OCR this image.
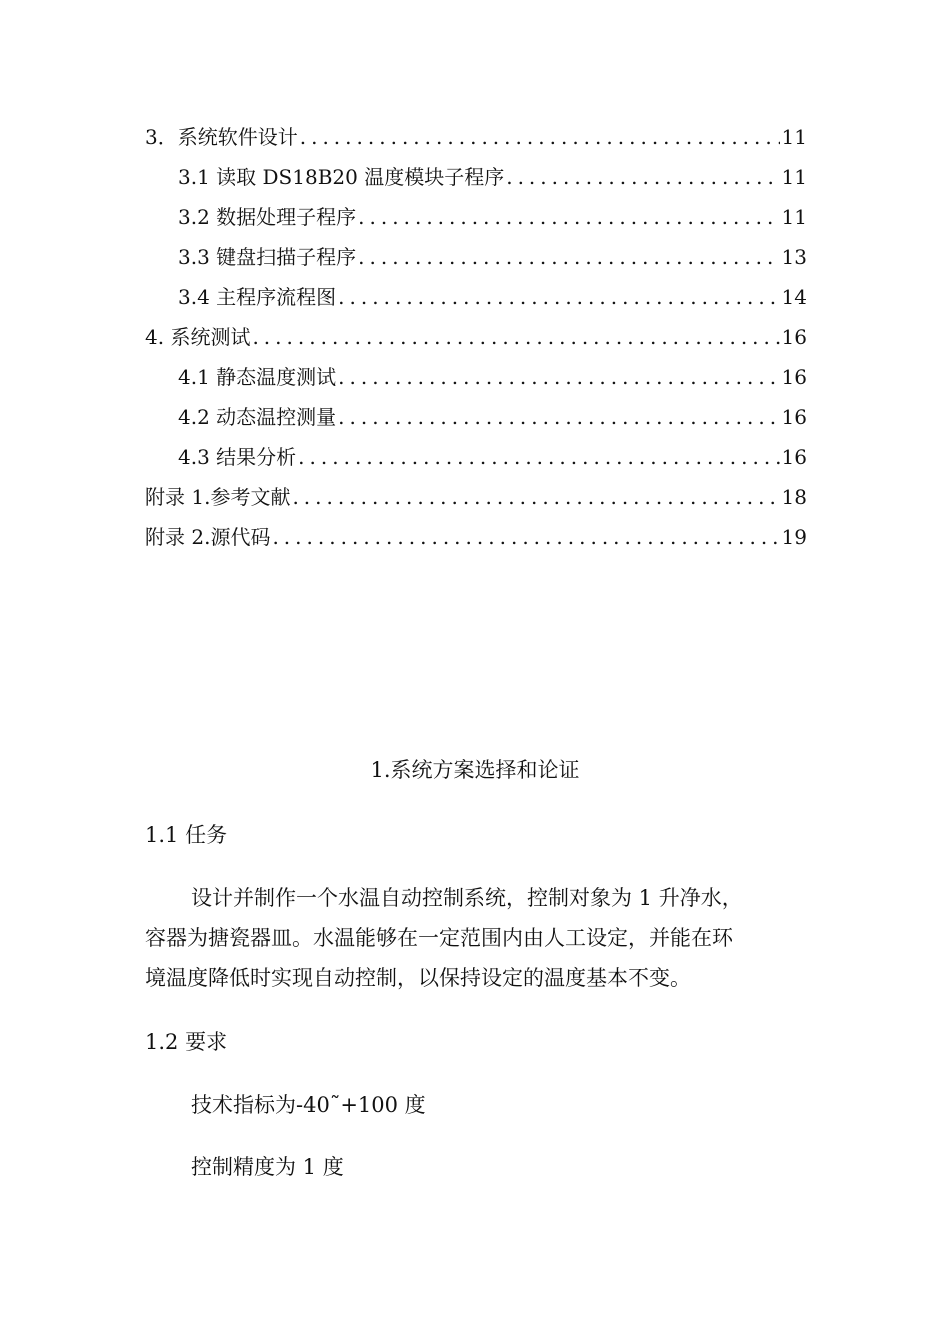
3．系统软件设计 .....	11
3.1 读取 DS18B20 温度模块子程序 .....	11
3.2 数据处理子程序 .....	11
3.3 键盘扫描子程序 .....	13
3.4 主程序流程图 .....	14
4. 系统测试 .....	16
4.1 静态温度测试 .....	16
4.2 动态温控测量 .....	16
4.3 结果分析 .....	16
附录 1.参考文献 .....	18
附录 2.源代码 .....	19
1.系统方案选择和论证
1.1 任务
设计并制作一个水温自动控制系统，控制对象为 1 升净水，
容器为搪瓷器皿。水温能够在一定范围内由人工设定，并能在环
境温度降低时实现自动控制，以保持设定的温度基本不变。
1.2 要求
技术指标为-40˜+100 度
控制精度为 1 度
